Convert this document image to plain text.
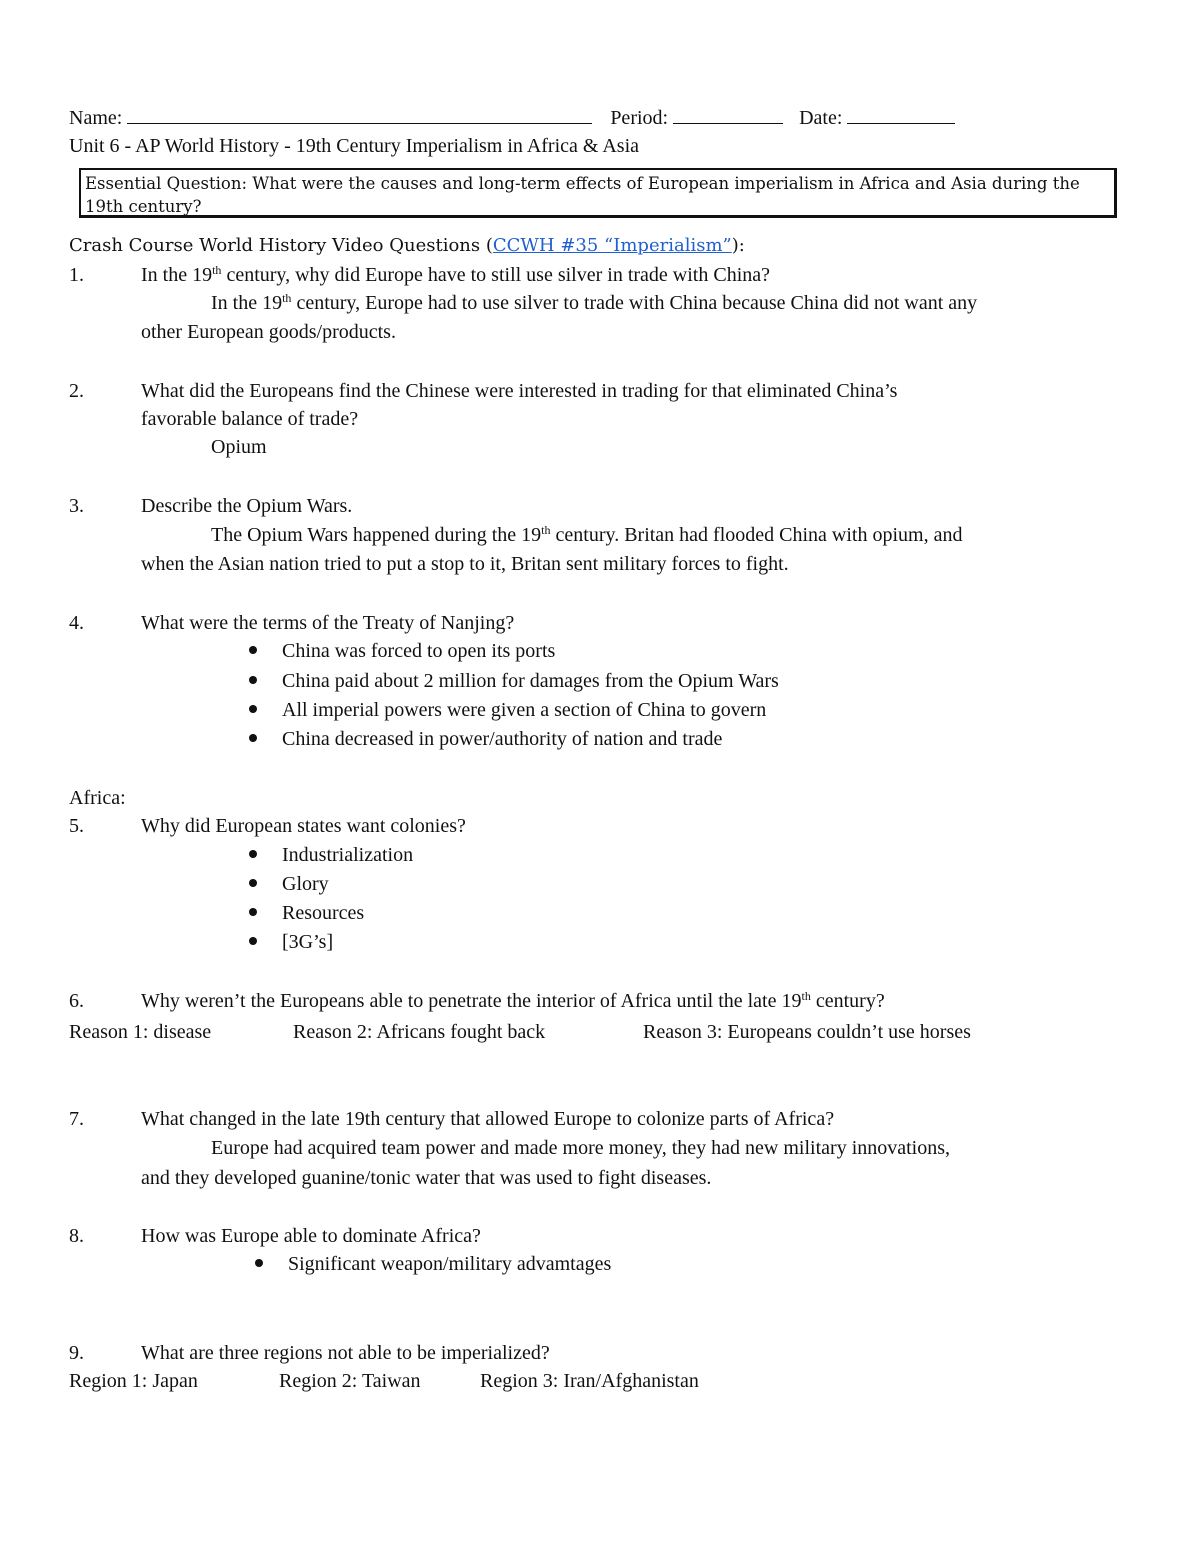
Name:	Period:	Date:
Unit 6 - AP World History - 19th Century Imperialism in Africa & Asia
Essential Question: What were the causes and long-term effects of European imperialism in Africa and Asia during the 19th century?
Crash Course World History Video Questions (CCWH #35 “Imperialism”):
1.	In the 19th century, why did Europe have to still use silver in trade with China?
In the 19th century, Europe had to use silver to trade with China because China did not want any
other European goods/products.
2.	What did the Europeans find the Chinese were interested in trading for that eliminated China’s
favorable balance of trade?
Opium
3.	Describe the Opium Wars.
The Opium Wars happened during the 19th century. Britan had flooded China with opium, and
when the Asian nation tried to put a stop to it, Britan sent military forces to fight.
4.	What were the terms of the Treaty of Nanjing?
China was forced to open its ports
China paid about 2 million for damages from the Opium Wars
All imperial powers were given a section of China to govern
China decreased in power/authority of nation and trade
Africa:
5.	Why did European states want colonies?
Industrialization
Glory
Resources
[3G’s]
6.	Why weren’t the Europeans able to penetrate the interior of Africa until the late 19th century?
Reason 1: disease	Reason 2: Africans fought back	Reason 3: Europeans couldn’t use horses
7.	What changed in the late 19th century that allowed Europe to colonize parts of Africa?
Europe had acquired team power and made more money, they had new military innovations,
and they developed guanine/tonic water that was used to fight diseases.
8.	How was Europe able to dominate Africa?
Significant weapon/military advamtages
9.	What are three regions not able to be imperialized?
Region 1: Japan	Region 2: Taiwan	Region 3: Iran/Afghanistan
